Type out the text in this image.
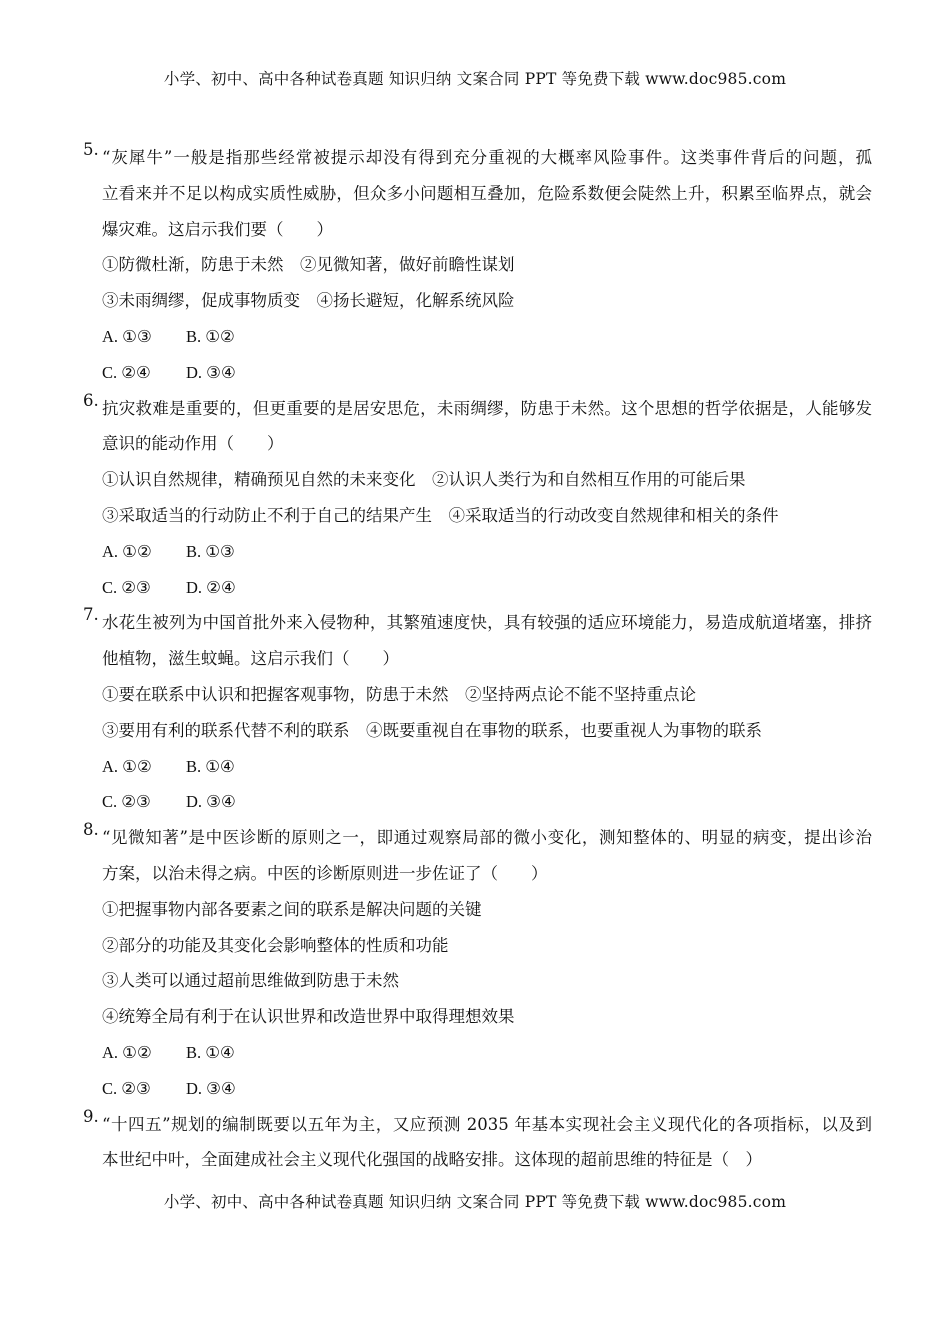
小学、初中、高中各种试卷真题 知识归纳 文案合同 PPT 等免费下载 www.doc985.com
5. “灰犀牛”一般是指那些经常被提示却没有得到充分重视的大概率风险事件。这类事件背后的问题，孤
立看来并不足以构成实质性威胁，但众多小问题相互叠加，危险系数便会陡然上升，积累至临界点，就会
爆灾难。这启示我们要（　　）
①防微杜渐，防患于未然　②见微知著，做好前瞻性谋划
③未雨绸缪，促成事物质变　④扬长避短，化解系统风险
A. ①③ B. ①②
C. ②④ D. ③④
6. 抗灾救难是重要的，但更重要的是居安思危，未雨绸缪，防患于未然。这个思想的哲学依据是，人能够发
意识的能动作用（　　）
①认识自然规律，精确预见自然的未来变化　②认识人类行为和自然相互作用的可能后果
③采取适当的行动防止不利于自己的结果产生　④采取适当的行动改变自然规律和相关的条件
A. ①② B. ①③
C. ②③ D. ②④
7. 水花生被列为中国首批外来入侵物种，其繁殖速度快，具有较强的适应环境能力，易造成航道堵塞，排挤
他植物，滋生蚊蝇。这启示我们（　　）
①要在联系中认识和把握客观事物，防患于未然　②坚持两点论不能不坚持重点论
③要用有利的联系代替不利的联系　④既要重视自在事物的联系，也要重视人为事物的联系
A. ①② B. ①④
C. ②③ D. ③④
8. “见微知著”是中医诊断的原则之一，即通过观察局部的微小变化，测知整体的、明显的病变，提出诊治
方案，以治未得之病。中医的诊断原则进一步佐证了（　　）
①把握事物内部各要素之间的联系是解决问题的关键
②部分的功能及其变化会影响整体的性质和功能
③人类可以通过超前思维做到防患于未然
④统筹全局有利于在认识世界和改造世界中取得理想效果
A. ①② B. ①④
C. ②③ D. ③④
9. “十四五”规划的编制既要以五年为主，又应预测 2035 年基本实现社会主义现代化的各项指标，以及到
本世纪中叶，全面建成社会主义现代化强国的战略安排。这体现的超前思维的特征是（　）
小学、初中、高中各种试卷真题 知识归纳 文案合同 PPT 等免费下载 www.doc985.com
